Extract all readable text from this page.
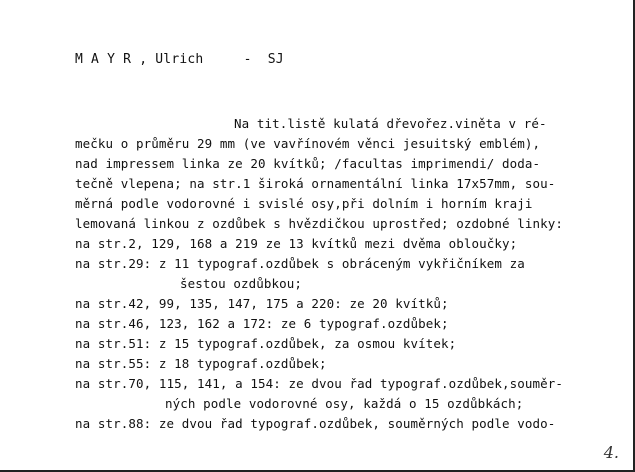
M A Y R , Ulrich	- SJ
Na tit.listě kulatá dřevořez.viněta v ré-
mečku o průměru 29 mm (ve vavřínovém věnci jesuitský emblém),
nad impressem linka ze 20 kvítků; /facultas imprimendi/ doda-
tečně vlepena; na str.1 široká ornamentální linka 17x57mm, sou-
měrná podle vodorovné i svislé osy,při dolním i horním kraji
lemovaná linkou z ozdůbek s hvězdičkou uprostřed; ozdobné linky:
na str.2, 129, 168 a 219 ze 13 kvítků mezi dvěma obloučky;
na str.29: z 11 typograf.ozdůbek s obráceným vykřičníkem za
šestou ozdůbkou;
na str.42, 99, 135, 147, 175 a 220: ze 20 kvítků;
na str.46, 123, 162 a 172: ze 6 typograf.ozdůbek;
na str.51: z 15 typograf.ozdůbek, za osmou kvítek;
na str.55: z 18 typograf.ozdůbek;
na str.70, 115, 141, a 154: ze dvou řad typograf.ozdůbek,souměr-
ných podle vodorovné osy, každá o 15 ozdůbkách;
na str.88: ze dvou řad typograf.ozdůbek, souměrných podle vodo-
4.
